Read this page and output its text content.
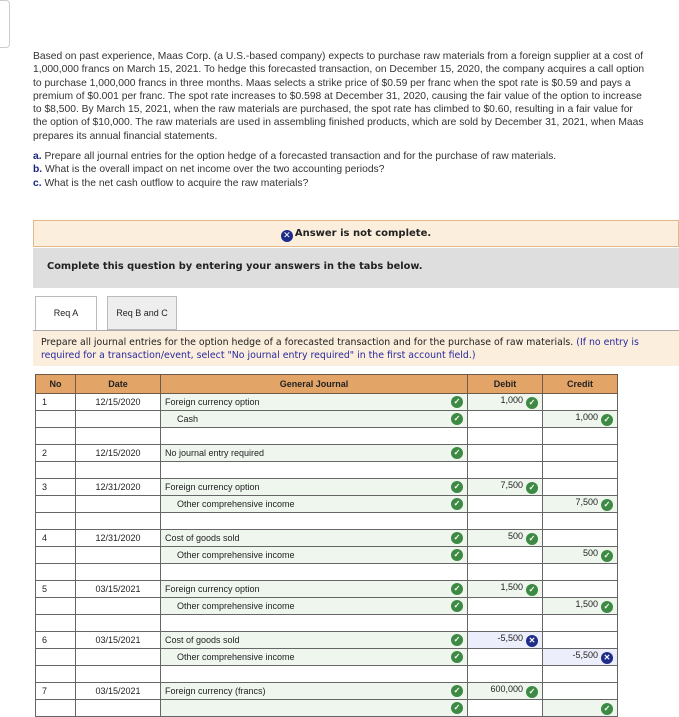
Based on past experience, Maas Corp. (a U.S.-based company) expects to purchase raw materials from a foreign supplier at a cost of
1,000,000 francs on March 15, 2021. To hedge this forecasted transaction, on December 15, 2020, the company acquires a call option
to purchase 1,000,000 francs in three months. Maas selects a strike price of $0.59 per franc when the spot rate is $0.59 and pays a
premium of $0.001 per franc. The spot rate increases to $0.598 at December 31, 2020, causing the fair value of the option to increase
to $8,500. By March 15, 2021, when the raw materials are purchased, the spot rate has climbed to $0.60, resulting in a fair value for
the option of $10,000. The raw materials are used in assembling finished products, which are sold by December 31, 2021, when Maas
prepares its annual financial statements.
a. Prepare all journal entries for the option hedge of a forecasted transaction and for the purchase of raw materials.
b. What is the overall impact on net income over the two accounting periods?
c. What is the net cash outflow to acquire the raw materials?
✕ Answer is not complete.
Complete this question by entering your answers in the tabs below.
Req A	Req B and C
Prepare all journal entries for the option hedge of a forecasted transaction and for the purchase of raw materials. (If no entry is required for a transaction/event, select "No journal entry required" in the first account field.)
No	Date	General Journal	Debit	Credit
1	12/15/2020	Foreign currency option ✓	1,000 ✓	

		Cash ✓		1,000 ✓

2	12/15/2020	No journal entry required ✓		

3	12/31/2020	Foreign currency option ✓	7,500 ✓	

		Other comprehensive income ✓		7,500 ✓

4	12/31/2020	Cost of goods sold ✓	500 ✓	

		Other comprehensive income ✓		500 ✓

5	03/15/2021	Foreign currency option ✓	1,500 ✓	

		Other comprehensive income ✓		1,500 ✓

6	03/15/2021	Cost of goods sold ✓	-5,500 ✕	

		Other comprehensive income ✓		-5,500 ✕

7	03/15/2021	Foreign currency (francs) ✓	600,000 ✓	

		✓		✓
